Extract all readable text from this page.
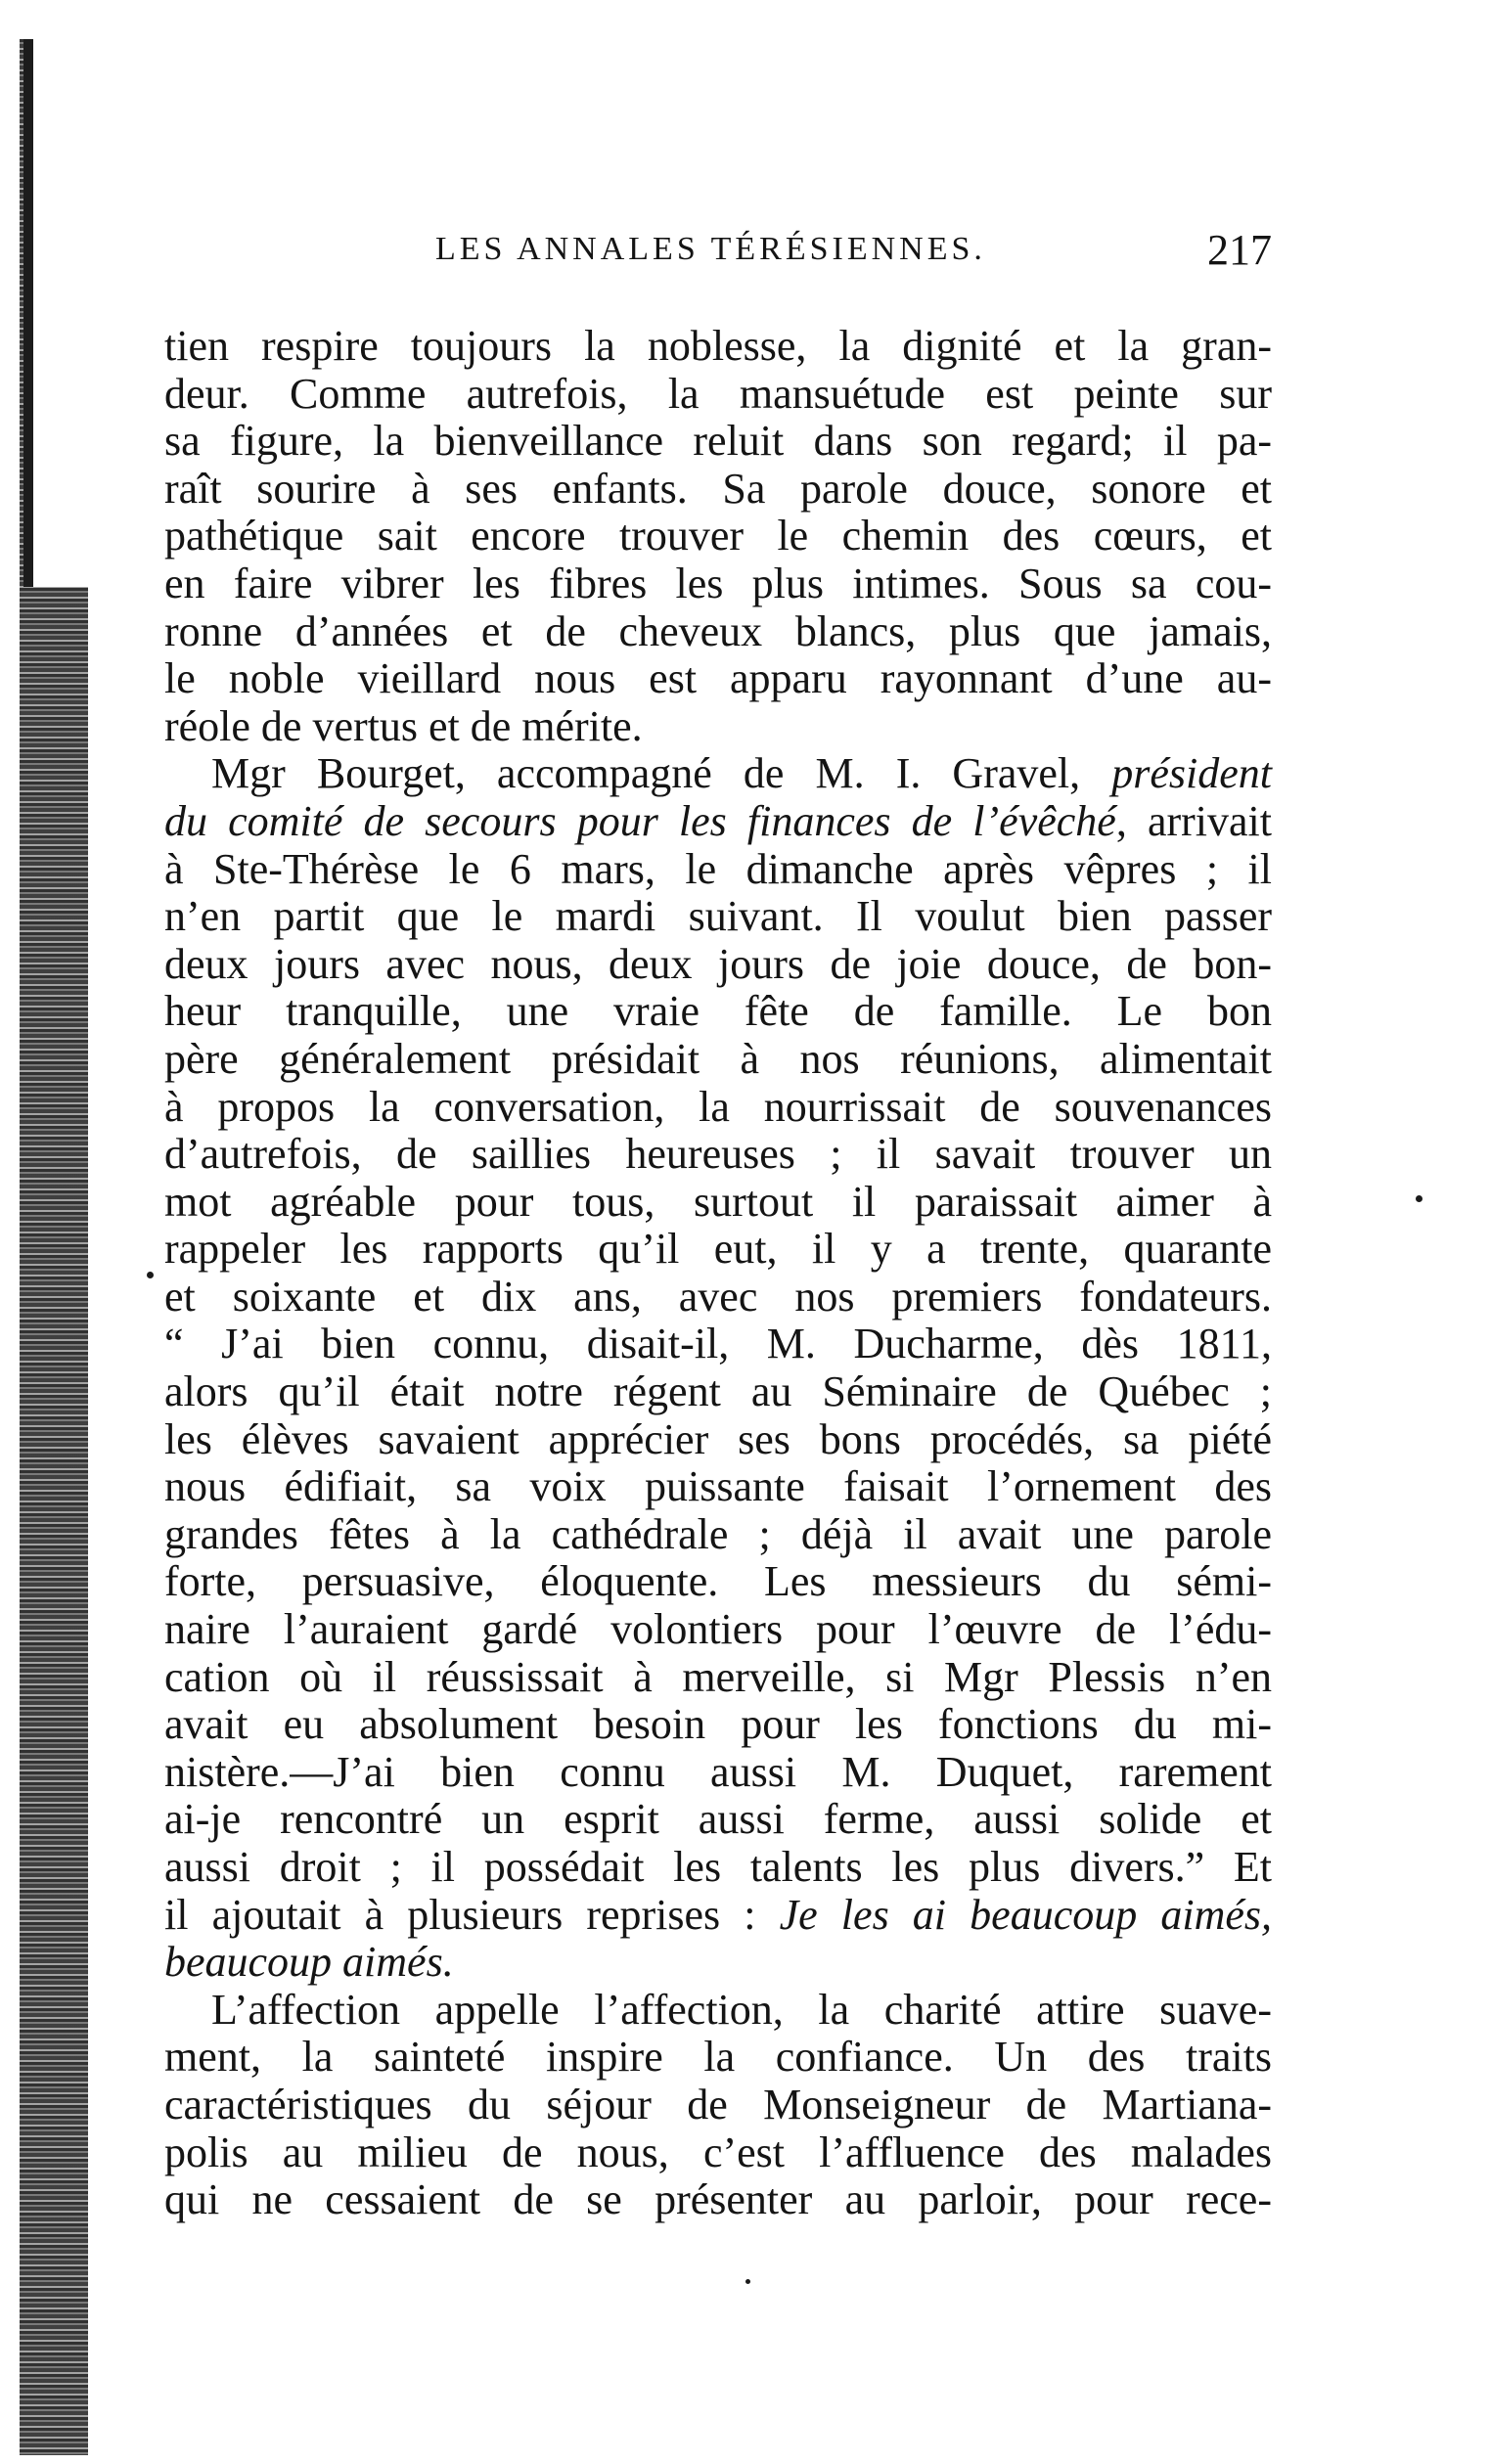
LES ANNALES TÉRÉSIENNES.	217
tien respire toujours la noblesse, la dignité et la gran-
deur. Comme autrefois, la mansuétude est peinte sur
sa figure, la bienveillance reluit dans son regard; il pa-
raît sourire à ses enfants. Sa parole douce, sonore et
pathétique sait encore trouver le chemin des cœurs, et
en faire vibrer les fibres les plus intimes. Sous sa cou-
ronne d’années et de cheveux blancs, plus que jamais,
le noble vieillard nous est apparu rayonnant d’une au-
réole de vertus et de mérite.
Mgr Bourget, accompagné de M. I. Gravel, président
du comité de secours pour les finances de l’évêché, arrivait
à Ste-Thérèse le 6 mars, le dimanche après vêpres ; il
n’en partit que le mardi suivant. Il voulut bien passer
deux jours avec nous, deux jours de joie douce, de bon-
heur tranquille, une vraie fête de famille. Le bon
père généralement présidait à nos réunions, alimentait
à propos la conversation, la nourrissait de souvenances
d’autrefois, de saillies heureuses ; il savait trouver un
mot agréable pour tous, surtout il paraissait aimer à
rappeler les rapports qu’il eut, il y a trente, quarante
et soixante et dix ans, avec nos premiers fondateurs.
“ J’ai bien connu, disait-il, M. Ducharme, dès 1811,
alors qu’il était notre régent au Séminaire de Québec ;
les élèves savaient apprécier ses bons procédés, sa piété
nous édifiait, sa voix puissante faisait l’ornement des
grandes fêtes à la cathédrale ; déjà il avait une parole
forte, persuasive, éloquente. Les messieurs du sémi-
naire l’auraient gardé volontiers pour l’œuvre de l’édu-
cation où il réussissait à merveille, si Mgr Plessis n’en
avait eu absolument besoin pour les fonctions du mi-
nistère.—J’ai bien connu aussi M. Duquet, rarement
ai-je rencontré un esprit aussi ferme, aussi solide et
aussi droit ; il possédait les talents les plus divers.” Et
il ajoutait à plusieurs reprises : Je les ai beaucoup aimés,
beaucoup aimés.
L’affection appelle l’affection, la charité attire suave-
ment, la sainteté inspire la confiance. Un des traits
caractéristiques du séjour de Monseigneur de Martiana-
polis au milieu de nous, c’est l’affluence des malades
qui ne cessaient de se présenter au parloir, pour rece-
